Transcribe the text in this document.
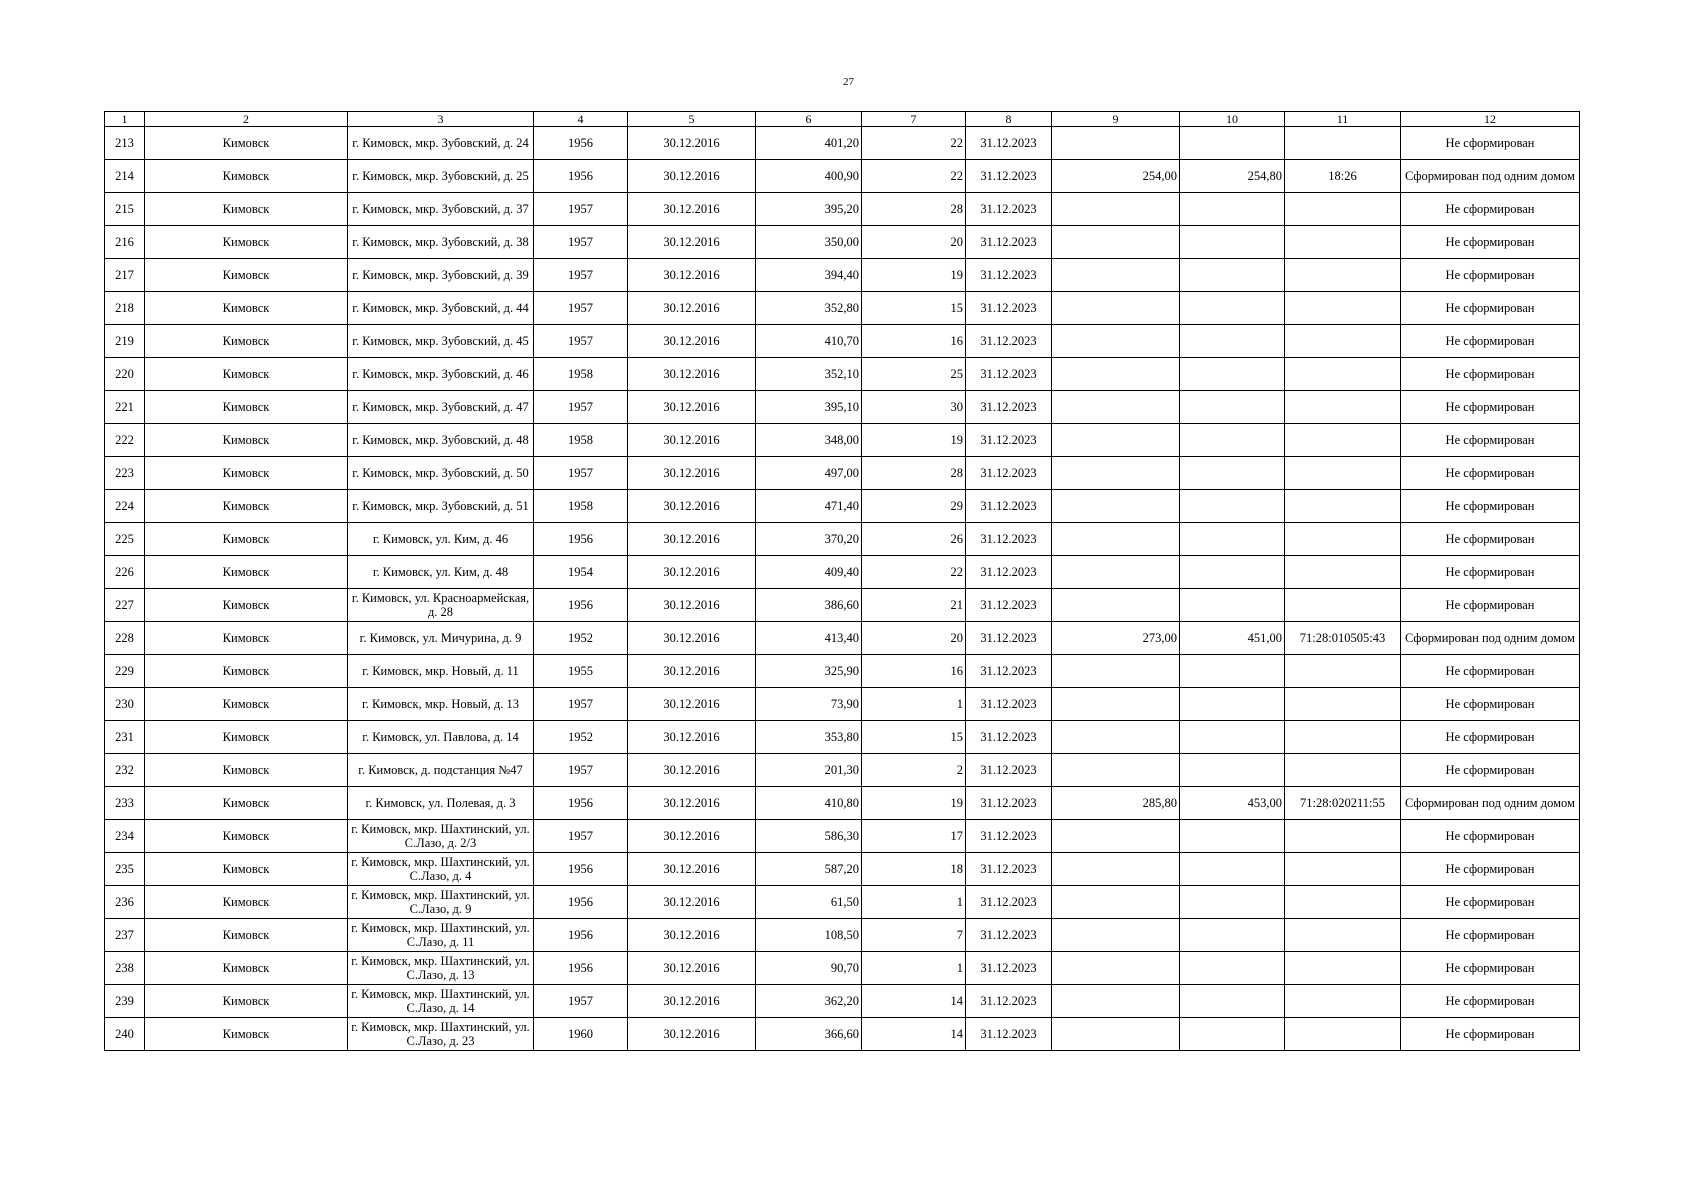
27
1	2	3	4	5	6	7	8	9	10	11	12
213	Кимовск	г. Кимовск, мкр. Зубовский, д. 24	1956	30.12.2016	401,20	22	31.12.2023				Не сформирован
214	Кимовск	г. Кимовск, мкр. Зубовский, д. 25	1956	30.12.2016	400,90	22	31.12.2023	254,00	254,80	18:26	Сформирован под одним домом
215	Кимовск	г. Кимовск, мкр. Зубовский, д. 37	1957	30.12.2016	395,20	28	31.12.2023				Не сформирован
216	Кимовск	г. Кимовск, мкр. Зубовский, д. 38	1957	30.12.2016	350,00	20	31.12.2023				Не сформирован
217	Кимовск	г. Кимовск, мкр. Зубовский, д. 39	1957	30.12.2016	394,40	19	31.12.2023				Не сформирован
218	Кимовск	г. Кимовск, мкр. Зубовский, д. 44	1957	30.12.2016	352,80	15	31.12.2023				Не сформирован
219	Кимовск	г. Кимовск, мкр. Зубовский, д. 45	1957	30.12.2016	410,70	16	31.12.2023				Не сформирован
220	Кимовск	г. Кимовск, мкр. Зубовский, д. 46	1958	30.12.2016	352,10	25	31.12.2023				Не сформирован
221	Кимовск	г. Кимовск, мкр. Зубовский, д. 47	1957	30.12.2016	395,10	30	31.12.2023				Не сформирован
222	Кимовск	г. Кимовск, мкр. Зубовский, д. 48	1958	30.12.2016	348,00	19	31.12.2023				Не сформирован
223	Кимовск	г. Кимовск, мкр. Зубовский, д. 50	1957	30.12.2016	497,00	28	31.12.2023				Не сформирован
224	Кимовск	г. Кимовск, мкр. Зубовский, д. 51	1958	30.12.2016	471,40	29	31.12.2023				Не сформирован
225	Кимовск	г. Кимовск, ул. Ким, д. 46	1956	30.12.2016	370,20	26	31.12.2023				Не сформирован
226	Кимовск	г. Кимовск, ул. Ким, д. 48	1954	30.12.2016	409,40	22	31.12.2023				Не сформирован
227	Кимовск	г. Кимовск, ул. Красноармейская, д. 28	1956	30.12.2016	386,60	21	31.12.2023				Не сформирован
228	Кимовск	г. Кимовск, ул. Мичурина, д. 9	1952	30.12.2016	413,40	20	31.12.2023	273,00	451,00	71:28:010505:43	Сформирован под одним домом
229	Кимовск	г. Кимовск, мкр. Новый, д. 11	1955	30.12.2016	325,90	16	31.12.2023				Не сформирован
230	Кимовск	г. Кимовск, мкр. Новый, д. 13	1957	30.12.2016	73,90	1	31.12.2023				Не сформирован
231	Кимовск	г. Кимовск, ул. Павлова, д. 14	1952	30.12.2016	353,80	15	31.12.2023				Не сформирован
232	Кимовск	г. Кимовск, д. подстанция №47	1957	30.12.2016	201,30	2	31.12.2023				Не сформирован
233	Кимовск	г. Кимовск, ул. Полевая, д. 3	1956	30.12.2016	410,80	19	31.12.2023	285,80	453,00	71:28:020211:55	Сформирован под одним домом
234	Кимовск	г. Кимовск, мкр. Шахтинский, ул. С.Лазо, д. 2/3	1957	30.12.2016	586,30	17	31.12.2023				Не сформирован
235	Кимовск	г. Кимовск, мкр. Шахтинский, ул. С.Лазо, д. 4	1956	30.12.2016	587,20	18	31.12.2023				Не сформирован
236	Кимовск	г. Кимовск, мкр. Шахтинский, ул. С.Лазо, д. 9	1956	30.12.2016	61,50	1	31.12.2023				Не сформирован
237	Кимовск	г. Кимовск, мкр. Шахтинский, ул. С.Лазо, д. 11	1956	30.12.2016	108,50	7	31.12.2023				Не сформирован
238	Кимовск	г. Кимовск, мкр. Шахтинский, ул. С.Лазо, д. 13	1956	30.12.2016	90,70	1	31.12.2023				Не сформирован
239	Кимовск	г. Кимовск, мкр. Шахтинский, ул. С.Лазо, д. 14	1957	30.12.2016	362,20	14	31.12.2023				Не сформирован
240	Кимовск	г. Кимовск, мкр. Шахтинский, ул. С.Лазо, д. 23	1960	30.12.2016	366,60	14	31.12.2023				Не сформирован
